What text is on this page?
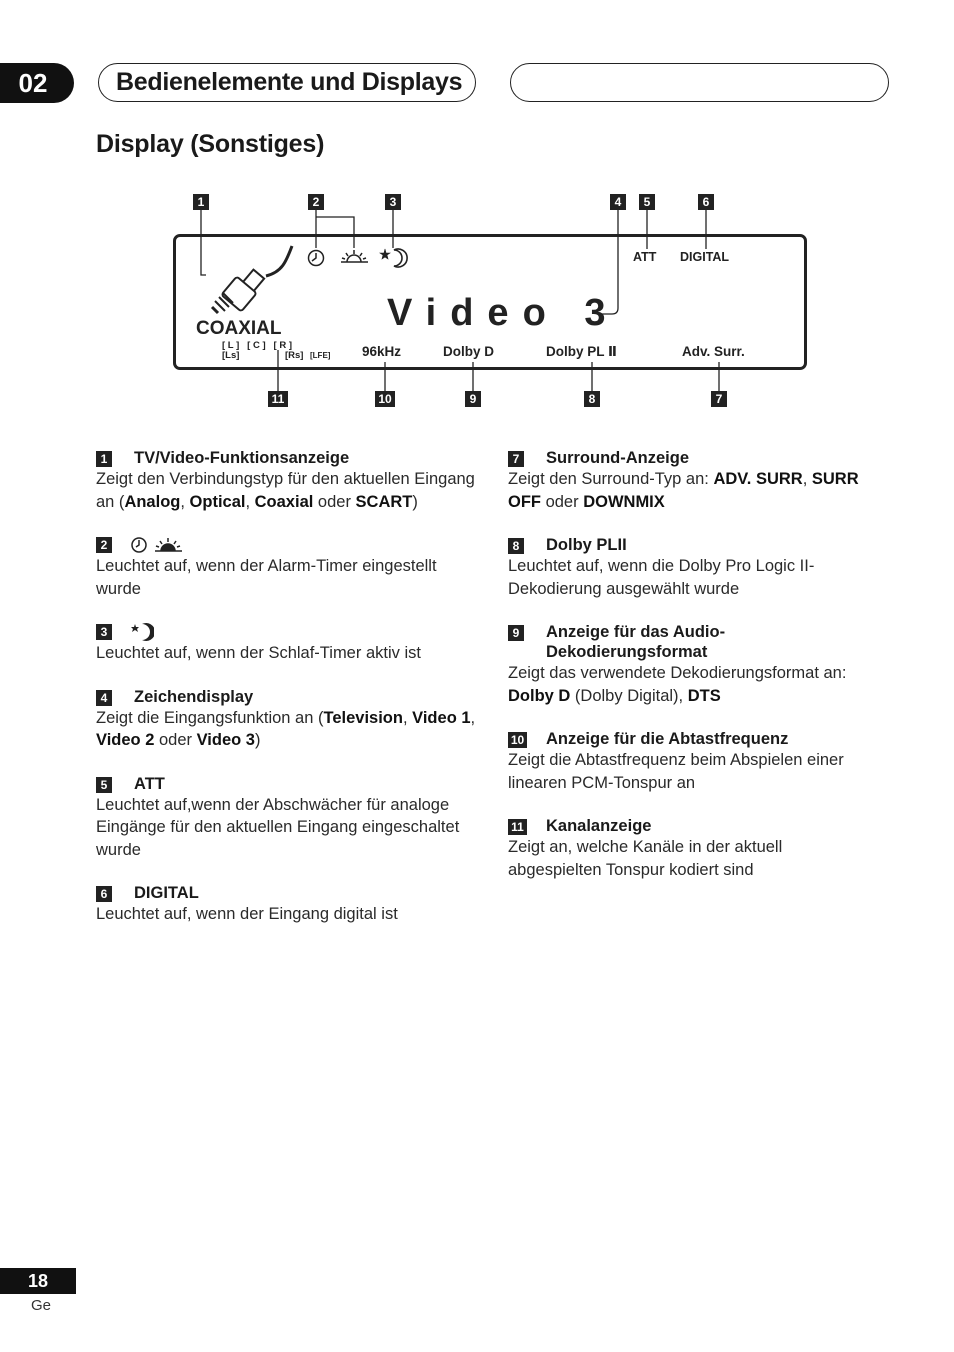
02	Bedienelemente und Displays
Display (Sonstiges)
1	2	3	4	5	6
11	10	9	8	7
COAXIAL
[ L ]   [ C ]   [ R ]
[Ls]	[Rs] [LFE]
Video 3
ATT DIGITAL
96kHz	Dolby D	Dolby PL Ⅱ	Adv. Surr.
1 TV/Video-Funktionsanzeige
Zeigt den Verbindungstyp für den aktuellen Eingang an (Analog, Optical, Coaxial oder SCART)
2
Leuchtet auf, wenn der Alarm-Timer eingestellt wurde
3
Leuchtet auf, wenn der Schlaf-Timer aktiv ist
4 Zeichendisplay
Zeigt die Eingangsfunktion an (Television, Video 1, Video 2 oder Video 3)
5 ATT
Leuchtet auf,wenn der Abschwächer für analoge Eingänge für den aktuellen Eingang eingeschaltet wurde
6 DIGITAL
Leuchtet auf, wenn der Eingang digital ist
7 Surround-Anzeige
Zeigt den Surround-Typ an: ADV. SURR, SURR OFF oder DOWNMIX
8 Dolby PLII
Leuchtet auf, wenn die Dolby Pro Logic II-Dekodierung ausgewählt wurde
9 Anzeige für das Audio-Dekodierungsformat
Zeigt das verwendete Dekodierungsformat an: Dolby D (Dolby Digital), DTS
10 Anzeige für die Abtastfrequenz
Zeigt die Abtastfrequenz beim Abspielen einer linearen PCM-Tonspur an
11 Kanalanzeige
Zeigt an, welche Kanäle in der aktuell abgespielten Tonspur kodiert sind
18
Ge
